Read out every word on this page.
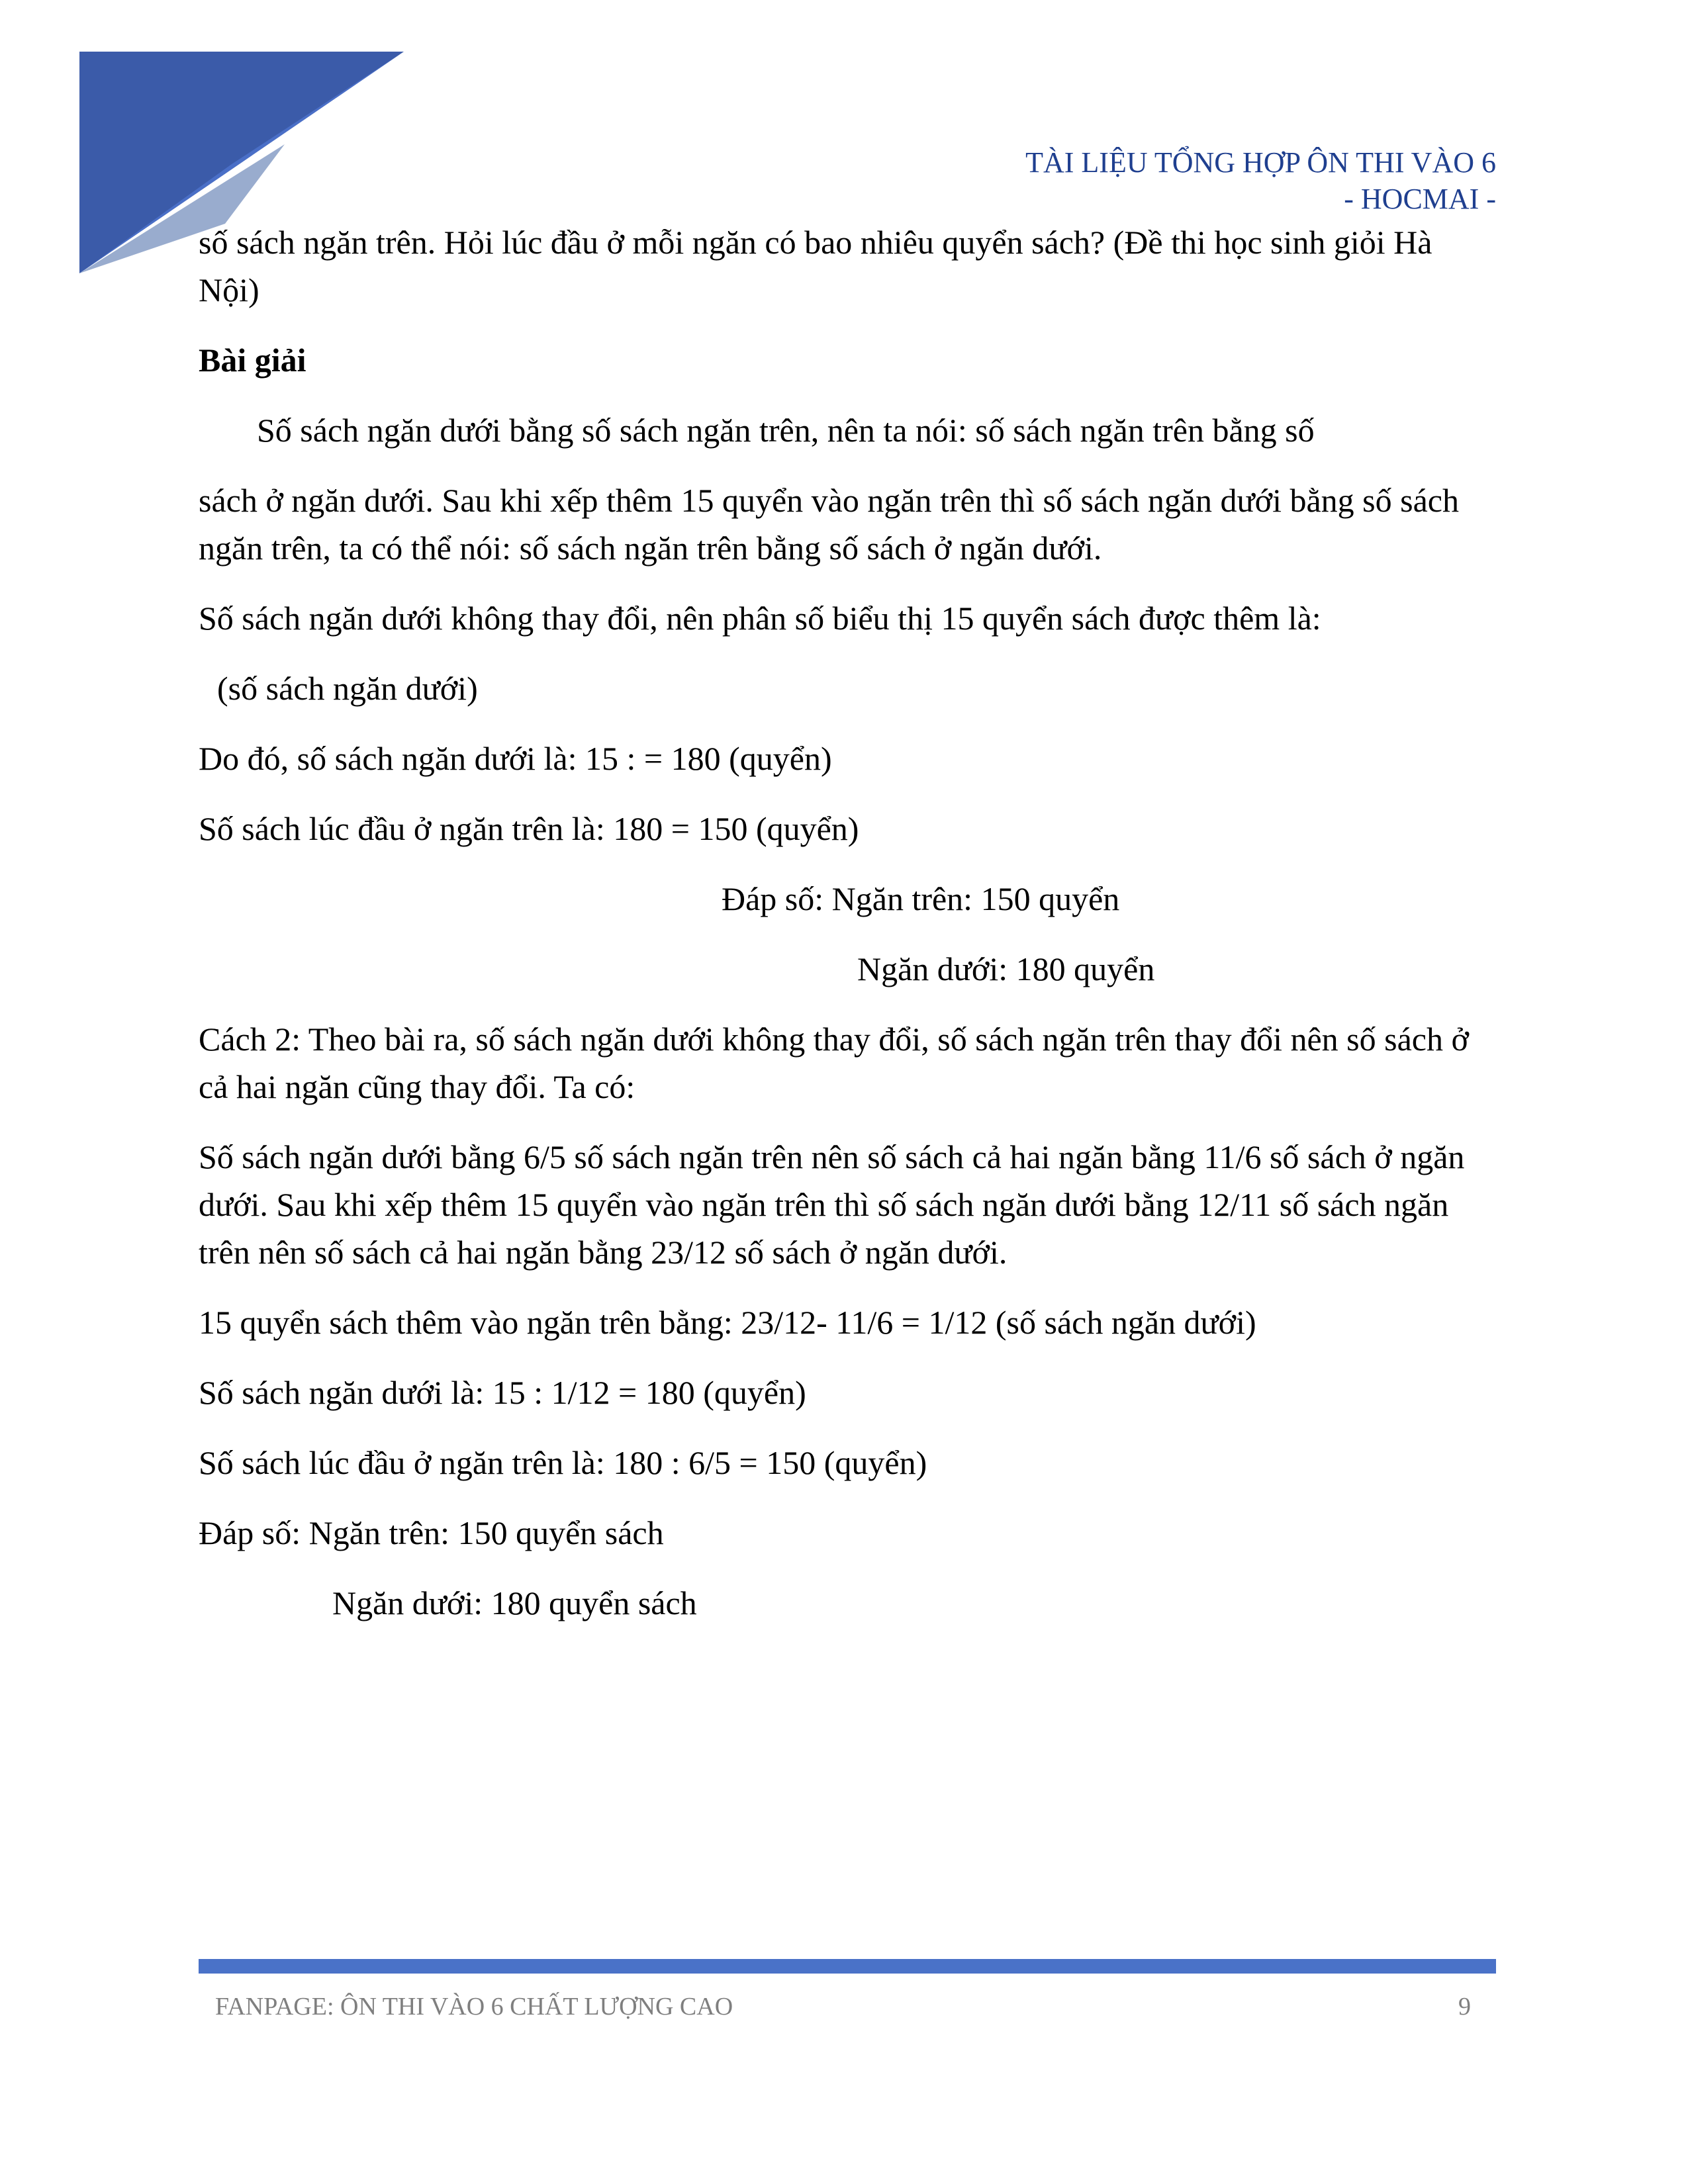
TÀI LIỆU TỔNG HỢP ÔN THI VÀO 6
- HOCMAI -

số sách ngăn trên. Hỏi lúc đầu ở mỗi ngăn có bao nhiêu quyển sách? (Đề thi học sinh giỏi Hà Nội)

Bài giải

Số sách ngăn dưới bằng số sách ngăn trên, nên ta nói: số sách ngăn trên bằng số

sách ở ngăn dưới. Sau khi xếp thêm 15 quyển vào ngăn trên thì số sách ngăn dưới bằng số sách ngăn trên, ta có thể nói: số sách ngăn trên bằng số sách ở ngăn dưới.

Số sách ngăn dưới không thay đổi, nên phân số biểu thị 15 quyển sách được thêm là:

(số sách ngăn dưới)

Do đó, số sách ngăn dưới là: 15 : = 180 (quyển)

Số sách lúc đầu ở ngăn trên là: 180 = 150 (quyển)

Đáp số: Ngăn trên: 150 quyển

Ngăn dưới: 180 quyển

Cách 2: Theo bài ra, số sách ngăn dưới không thay đổi, số sách ngăn trên thay đổi nên số sách ở cả hai ngăn cũng thay đổi. Ta có:

Số sách ngăn dưới bằng 6/5 số sách ngăn trên nên số sách cả hai ngăn bằng 11/6 số sách ở ngăn dưới. Sau khi xếp thêm 15 quyển vào ngăn trên thì số sách ngăn dưới bằng 12/11 số sách ngăn trên nên số sách cả hai ngăn bằng 23/12 số sách ở ngăn dưới.

15 quyển sách thêm vào ngăn trên bằng: 23/12- 11/6 = 1/12 (số sách ngăn dưới)

Số sách ngăn dưới là: 15 : 1/12 = 180 (quyển)

Số sách lúc đầu ở ngăn trên là: 180 : 6/5 = 150 (quyển)

Đáp số: Ngăn trên: 150 quyển sách

Ngăn dưới: 180 quyển sách

FANPAGE: ÔN THI VÀO 6 CHẤT LƯỢNG CAO	9
